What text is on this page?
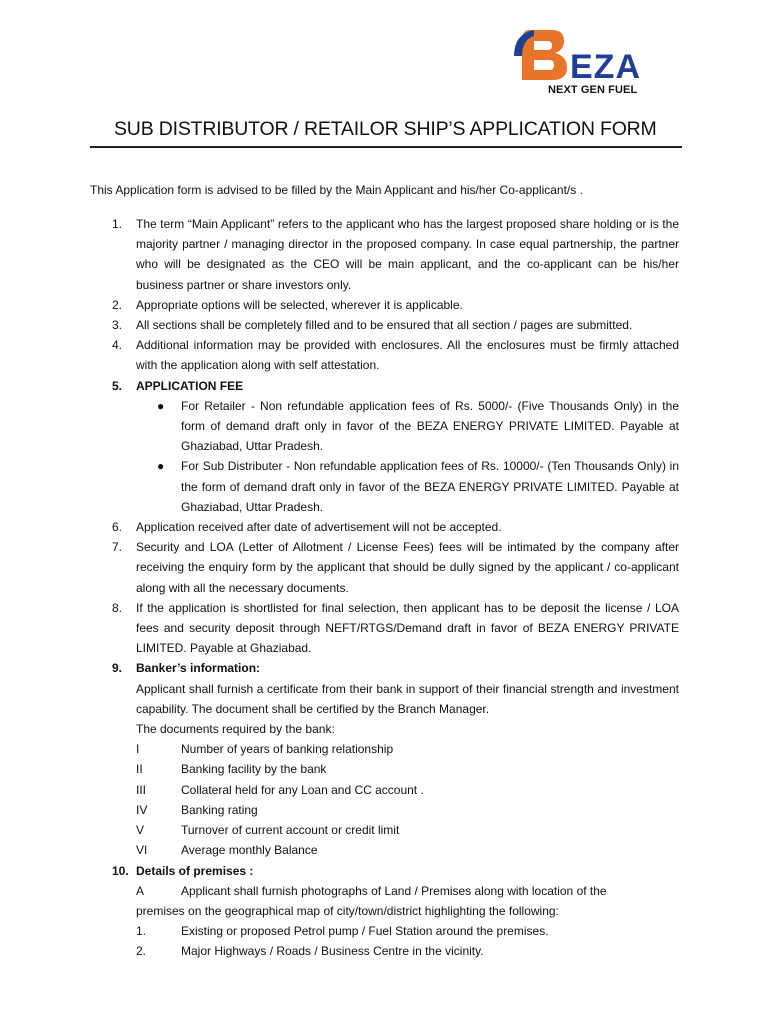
EZA
NEXT GEN FUEL
SUB DISTRIBUTOR / RETAILOR SHIP’S APPLICATION FORM
This Application form is advised to be filled by the Main Applicant and his/her Co-applicant/s .
1. The term “Main Applicant” refers to the applicant who has the largest proposed share holding or is the majority partner / managing director in the proposed company. In case equal partnership, the partner who will be designated as the CEO will be main applicant, and the co-applicant can be his/her business partner or share investors only.
2. Appropriate options will be selected, wherever it is applicable.
3. All sections shall be completely filled and to be ensured that all section / pages are submitted.
4. Additional information may be provided with enclosures. All the enclosures must be firmly attached with the application along with self attestation.
5. APPLICATION FEE
● For Retailer - Non refundable application fees of Rs. 5000/- (Five Thousands Only) in the form of demand draft only in favor of the BEZA ENERGY PRIVATE LIMITED. Payable at Ghaziabad, Uttar Pradesh.
● For Sub Distributer - Non refundable application fees of Rs. 10000/- (Ten Thousands Only) in the form of demand draft only in favor of the BEZA ENERGY PRIVATE LIMITED. Payable at Ghaziabad, Uttar Pradesh.
6. Application received after date of advertisement will not be accepted.
7. Security and LOA (Letter of Allotment / License Fees) fees will be intimated by the company after receiving the enquiry form by the applicant that should be dully signed by the applicant / co-applicant along with all the necessary documents.
8. If the application is shortlisted for final selection, then applicant has to be deposit the license / LOA fees and security deposit through NEFT/RTGS/Demand draft in favor of BEZA ENERGY PRIVATE LIMITED. Payable at Ghaziabad.
9. Banker’s information:
Applicant shall furnish a certificate from their bank in support of their financial strength and investment capability. The document shall be certified by the Branch Manager.
The documents required by the bank:
I	Number of years of banking relationship
II	Banking facility by the bank
III	Collateral held for any Loan and CC account .
IV	Banking rating
V	Turnover of current account or credit limit
VI	Average monthly Balance
10. Details of premises :
A	Applicant shall furnish photographs of Land / Premises along with location of the
premises on the geographical map of city/town/district highlighting the following:
1.	Existing or proposed Petrol pump / Fuel Station around the premises.
2.	Major Highways / Roads / Business Centre in the vicinity.
